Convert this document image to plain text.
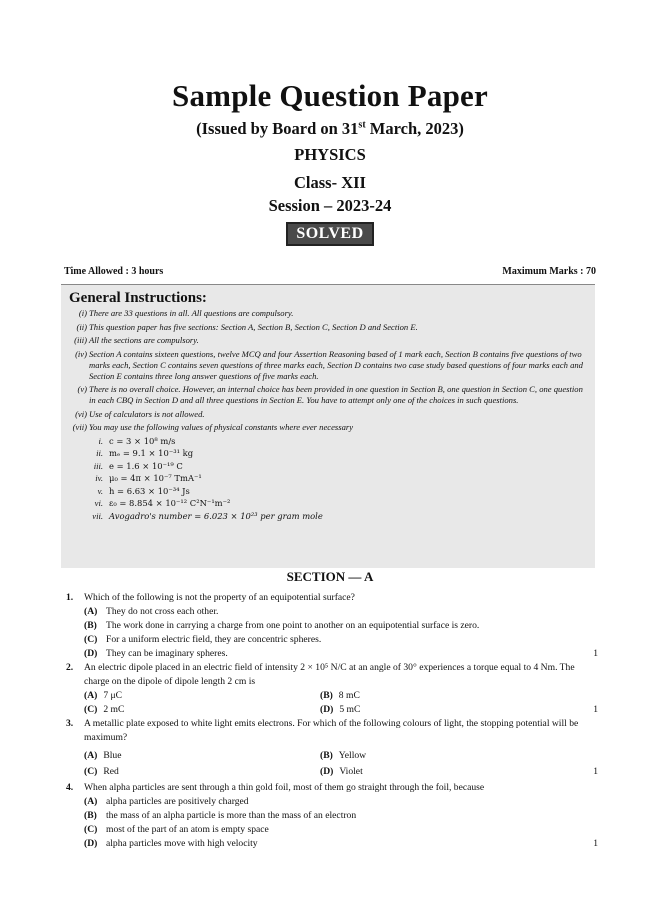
Sample Question Paper
(Issued by Board on 31st March, 2023)
PHYSICS
Class- XII
Session – 2023-24
SOLVED
Time Allowed : 3 hours	Maximum Marks : 70
General Instructions:
(i) There are 33 questions in all. All questions are compulsory.
(ii) This question paper has five sections: Section A, Section B, Section C, Section D and Section E.
(iii) All the sections are compulsory.
(iv) Section A contains sixteen questions, twelve MCQ and four Assertion Reasoning based of 1 mark each, Section B contains five questions of two marks each, Section C contains seven questions of three marks each, Section D contains two case study based questions of four marks each and Section E contains three long answer questions of five marks each.
(v) There is no overall choice. However, an internal choice has been provided in one question in Section B, one question in Section C, one question in each CBQ in Section D and all three questions in Section E. You have to attempt only one of the choices in such questions.
(vi) Use of calculators is not allowed.
(vii) You may use the following values of physical constants where ever necessary
i. c = 3 × 10⁸ m/s
ii. mₑ = 9.1 × 10⁻³¹ kg
iii. e = 1.6 × 10⁻¹⁹ C
iv. μ₀ = 4π × 10⁻⁷ TmA⁻¹
v. h = 6.63 × 10⁻³⁴ Js
vi. ε₀ = 8.854 × 10⁻¹² C²N⁻¹m⁻²
vii. Avogadro's number = 6.023 × 10²³ per gram mole
SECTION — A
1. Which of the following is not the property of an equipotential surface?
(A) They do not cross each other.
(B) The work done in carrying a charge from one point to another on an equipotential surface is zero.
(C) For a uniform electric field, they are concentric spheres.
(D) They can be imaginary spheres.	1
2. An electric dipole placed in an electric field of intensity 2 × 10⁵ N/C at an angle of 30° experiences a torque equal to 4 Nm. The charge on the dipole of dipole length 2 cm is
(A) 7 μC	(B) 8 mC
(C) 2 mC	(D) 5 mC	1
3. A metallic plate exposed to white light emits electrons. For which of the following colours of light, the stopping potential will be maximum?
(A) Blue	(B) Yellow
(C) Red	(D) Violet	1
4. When alpha particles are sent through a thin gold foil, most of them go straight through the foil, because
(A) alpha particles are positively charged
(B) the mass of an alpha particle is more than the mass of an electron
(C) most of the part of an atom is empty space
(D) alpha particles move with high velocity	1
